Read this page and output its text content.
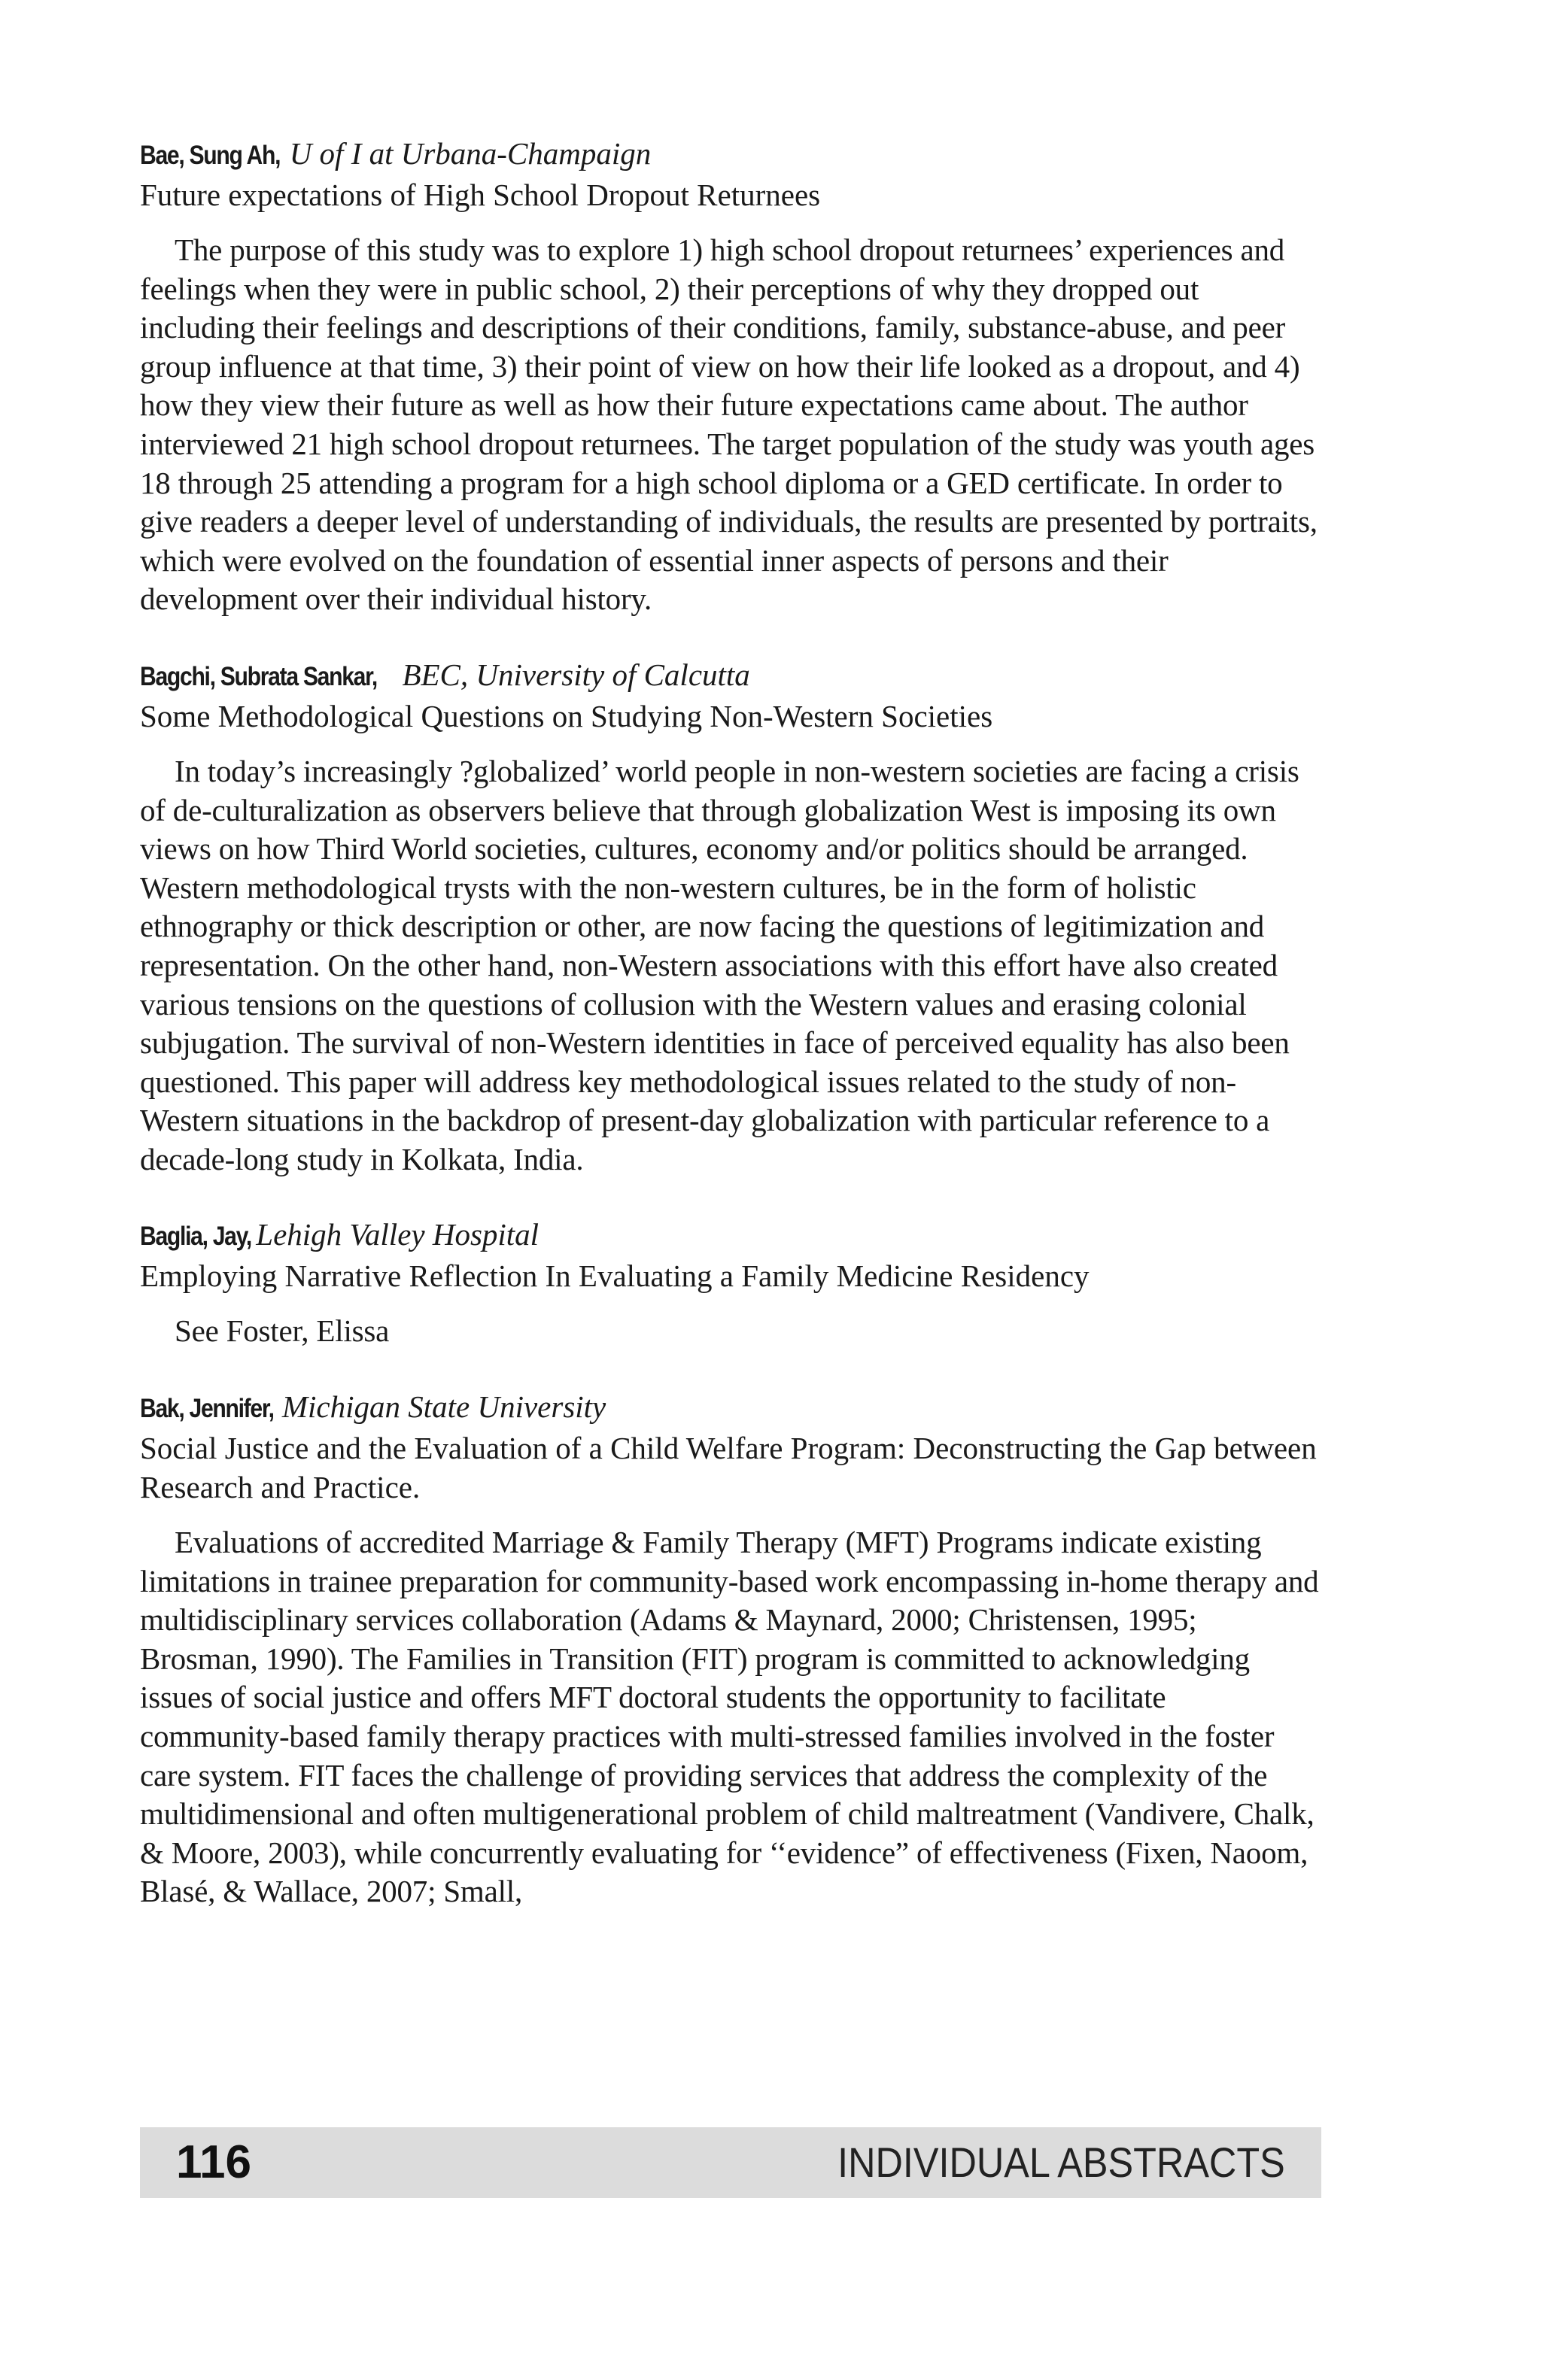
Bae, Sung Ah, U of I at Urbana-Champaign
Future expectations of High School Dropout Returnees
The purpose of this study was to explore 1) high school dropout returnees’ experiences and feelings when they were in public school, 2) their perceptions of why they dropped out including their feelings and descriptions of their conditions, family, substance-abuse, and peer group influence at that time, 3) their point of view on how their life looked as a dropout, and 4) how they view their future as well as how their future expectations came about. The author interviewed 21 high school dropout returnees. The target population of the study was youth ages 18 through 25 attending a program for a high school diploma or a GED certificate. In order to give readers a deeper level of understanding of individuals, the results are presented by portraits, which were evolved on the foundation of essential inner aspects of persons and their development over their individual history.
Bagchi, Subrata Sankar, BEC, University of Calcutta
Some Methodological Questions on Studying Non-Western Societies
In today’s increasingly ?globalized’ world people in non-western societies are facing a crisis of de-culturalization as observers believe that through globalization West is imposing its own views on how Third World societies, cultures, economy and/or politics should be arranged. Western methodological trysts with the non-western cultures, be in the form of holistic ethnography or thick description or other, are now facing the questions of legitimization and representation. On the other hand, non-Western associations with this effort have also created various tensions on the questions of collusion with the Western values and erasing colonial subjugation. The survival of non-Western identities in face of perceived equality has also been questioned. This paper will address key methodological issues related to the study of non-Western situations in the backdrop of present-day globalization with particular reference to a decade-long study in Kolkata, India.
Baglia, Jay, Lehigh Valley Hospital
Employing Narrative Reflection In Evaluating a Family Medicine Residency
See Foster, Elissa
Bak, Jennifer, Michigan State University
Social Justice and the Evaluation of a Child Welfare Program: Deconstructing the Gap between Research and Practice.
Evaluations of accredited Marriage & Family Therapy (MFT) Programs indicate existing limitations in trainee preparation for community-based work encompassing in-home therapy and multidisciplinary services collaboration (Adams & Maynard, 2000; Christensen, 1995; Brosman, 1990). The Families in Transition (FIT) program is committed to acknowledging issues of social justice and offers MFT doctoral students the opportunity to facilitate community-based family therapy practices with multi-stressed families involved in the foster care system. FIT faces the challenge of providing services that address the complexity of the multidimensional and often multigenerational problem of child maltreatment (Vandivere, Chalk, & Moore, 2003), while concurrently evaluating for ‘‘evidence” of effectiveness (Fixen, Naoom, Blasé, & Wallace, 2007; Small,
116	INDIVIDUAL ABSTRACTS
